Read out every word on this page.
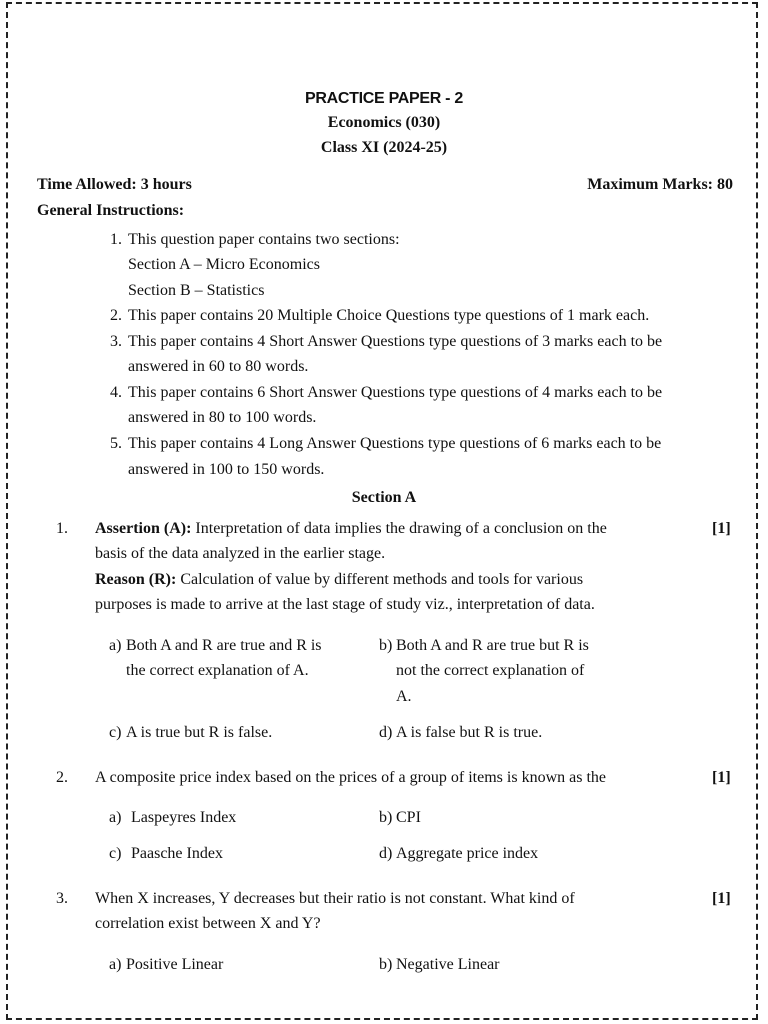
PRACTICE PAPER - 2
Economics (030)
Class XI (2024-25)
Time Allowed: 3 hours	Maximum Marks: 80
General Instructions:
1. This question paper contains two sections:
Section A – Micro Economics
Section B – Statistics
2. This paper contains 20 Multiple Choice Questions type questions of 1 mark each.
3. This paper contains 4 Short Answer Questions type questions of 3 marks each to be
answered in 60 to 80 words.
4. This paper contains 6 Short Answer Questions type questions of 4 marks each to be
answered in 80 to 100 words.
5. This paper contains 4 Long Answer Questions type questions of 6 marks each to be
answered in 100 to 150 words.
Section A
1.	[1]
Assertion (A): Interpretation of data implies the drawing of a conclusion on the
basis of the data analyzed in the earlier stage.
Reason (R): Calculation of value by different methods and tools for various
purposes is made to arrive at the last stage of study viz., interpretation of data.
a) Both A and R are true and R is
the correct explanation of A.
b) Both A and R are true but R is
not the correct explanation of
A.
c) A is true but R is false.	d) A is false but R is true.
2.	[1]
A composite price index based on the prices of a group of items is known as the
a) Laspeyres Index	b) CPI
c) Paasche Index	d) Aggregate price index
3.	[1]
When X increases, Y decreases but their ratio is not constant. What kind of
correlation exist between X and Y?
a) Positive Linear	b) Negative Linear
